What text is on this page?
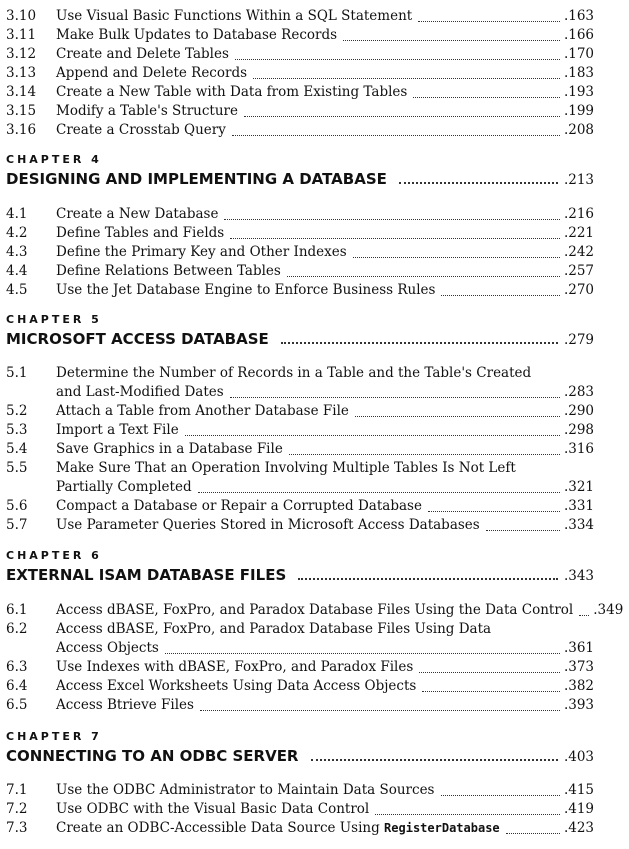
3.10 Use Visual Basic Functions Within a SQL Statement	.163
3.11 Make Bulk Updates to Database Records	.166
3.12 Create and Delete Tables	.170
3.13 Append and Delete Records	.183
3.14 Create a New Table with Data from Existing Tables	.193
3.15 Modify a Table's Structure	.199
3.16 Create a Crosstab Query	.208
CHAPTER 4
DESIGNING AND IMPLEMENTING A DATABASE	.213
4.1 Create a New Database	.216
4.2 Define Tables and Fields	.221
4.3 Define the Primary Key and Other Indexes	.242
4.4 Define Relations Between Tables	.257
4.5 Use the Jet Database Engine to Enforce Business Rules	.270
CHAPTER 5
MICROSOFT ACCESS DATABASE	.279
5.1 Determine the Number of Records in a Table and the Table's Created
and Last-Modified Dates	.283
5.2 Attach a Table from Another Database File	.290
5.3 Import a Text File	.298
5.4 Save Graphics in a Database File	.316
5.5 Make Sure That an Operation Involving Multiple Tables Is Not Left
Partially Completed	.321
5.6 Compact a Database or Repair a Corrupted Database	.331
5.7 Use Parameter Queries Stored in Microsoft Access Databases	.334
CHAPTER 6
EXTERNAL ISAM DATABASE FILES	.343
6.1 Access dBASE, FoxPro, and Paradox Database Files Using the Data Control .349
6.2 Access dBASE, FoxPro, and Paradox Database Files Using Data
Access Objects	.361
6.3 Use Indexes with dBASE, FoxPro, and Paradox Files	.373
6.4 Access Excel Worksheets Using Data Access Objects	.382
6.5 Access Btrieve Files	.393
CHAPTER 7
CONNECTING TO AN ODBC SERVER	.403
7.1 Use the ODBC Administrator to Maintain Data Sources	.415
7.2 Use ODBC with the Visual Basic Data Control	.419
7.3 Create an ODBC-Accessible Data Source Using
RegisterDatabase	.423
